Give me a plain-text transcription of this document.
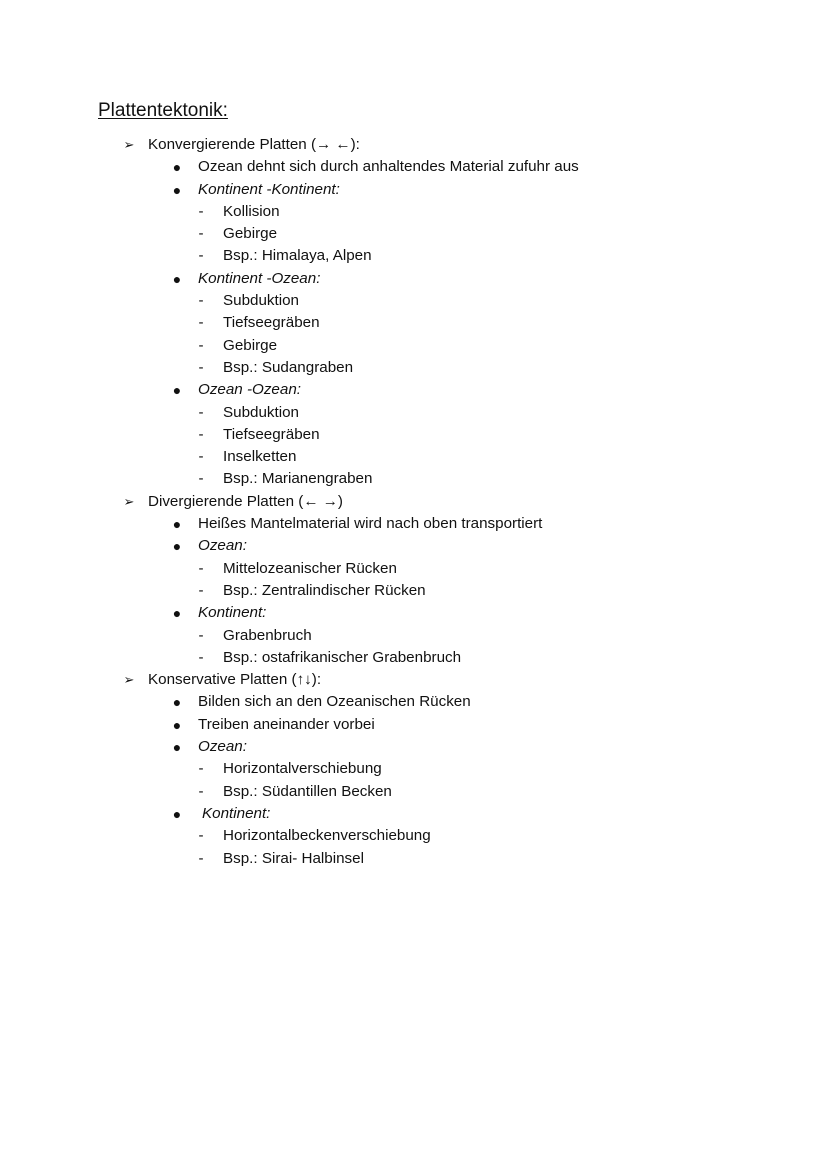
Plattentektonik:
➢ Konvergierende Platten (→ ←):
● Ozean dehnt sich durch anhaltendes Material zufuhr aus
● Kontinent -Kontinent:
- Kollision
- Gebirge
- Bsp.: Himalaya, Alpen
● Kontinent -Ozean:
- Subduktion
- Tiefseegräben
- Gebirge
- Bsp.: Sudangraben
● Ozean -Ozean:
- Subduktion
- Tiefseegräben
- Inselketten
- Bsp.: Marianengraben
➢ Divergierende Platten (← →)
● Heißes Mantelmaterial wird nach oben transportiert
● Ozean:
- Mittelozeanischer Rücken
- Bsp.: Zentralindischer Rücken
● Kontinent:
- Grabenbruch
- Bsp.: ostafrikanischer Grabenbruch
➢ Konservative Platten (↑↓):
● Bilden sich an den Ozeanischen Rücken
● Treiben aneinander vorbei
● Ozean:
- Horizontalverschiebung
- Bsp.: Südantillen Becken
● Kontinent:
- Horizontalbeckenverschiebung
- Bsp.: Sirai- Halbinsel
